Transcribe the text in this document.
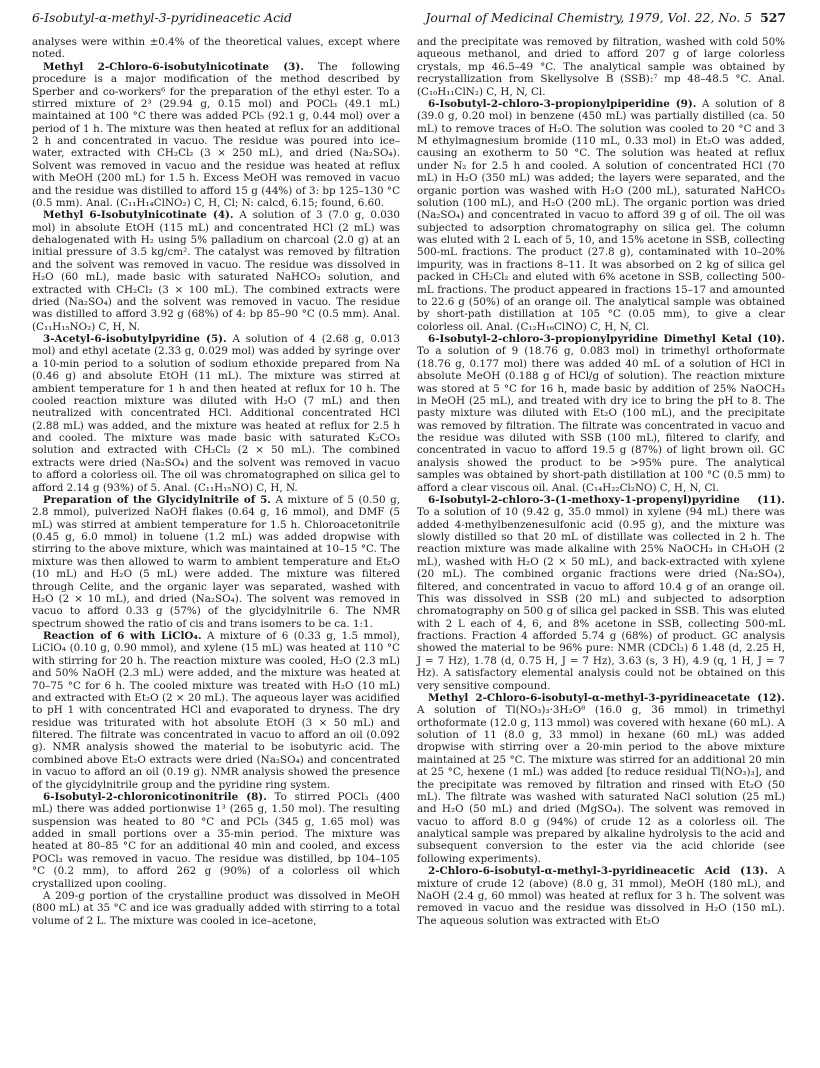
6-Isobutyl-α-methyl-3-pyridineacetic Acid	Journal of Medicinal Chemistry, 1979, Vol. 22, No. 5 527

analyses were within ±0.4% of the theoretical values, except where noted.

Methyl 2-Chloro-6-isobutylnicotinate (3). The following procedure is a major modification of the method described by Sperber and co-workers⁶ for the preparation of the ethyl ester. To a stirred mixture of 2³ (29.94 g, 0.15 mol) and POCl₃ (49.1 mL) maintained at 100 °C there was added PCl₅ (92.1 g, 0.44 mol) over a period of 1 h. The mixture was then heated at reflux for an additional 2 h and concentrated in vacuo. The residue was poured into ice–water, extracted with CH₂Cl₂ (3 × 250 mL), and dried (Na₂SO₄). Solvent was removed in vacuo and the residue was heated at reflux with MeOH (200 mL) for 1.5 h. Excess MeOH was removed in vacuo and the residue was distilled to afford 15 g (44%) of 3: bp 125–130 °C (0.5 mm). Anal. (C₁₁H₁₄ClNO₂) C, H, Cl; N: calcd, 6.15; found, 6.60.

Methyl 6-Isobutylnicotinate (4). A solution of 3 (7.0 g, 0.030 mol) in absolute EtOH (115 mL) and concentrated HCl (2 mL) was dehalogenated with H₂ using 5% palladium on charcoal (2.0 g) at an initial pressure of 3.5 kg/cm². The catalyst was removed by filtration and the solvent was removed in vacuo. The residue was dissolved in H₂O (60 mL), made basic with saturated NaHCO₃ solution, and extracted with CH₂Cl₂ (3 × 100 mL). The combined extracts were dried (Na₂SO₄) and the solvent was removed in vacuo. The residue was distilled to afford 3.92 g (68%) of 4: bp 85–90 °C (0.5 mm). Anal. (C₁₁H₁₅NO₂) C, H, N.

3-Acetyl-6-isobutylpyridine (5). A solution of 4 (2.68 g, 0.013 mol) and ethyl acetate (2.33 g, 0.029 mol) was added by syringe over a 10-min period to a solution of sodium ethoxide prepared from Na (0.46 g) and absolute EtOH (11 mL). The mixture was stirred at ambient temperature for 1 h and then heated at reflux for 10 h. The cooled reaction mixture was diluted with H₂O (7 mL) and then neutralized with concentrated HCl. Additional concentrated HCl (2.88 mL) was added, and the mixture was heated at reflux for 2.5 h and cooled. The mixture was made basic with saturated K₂CO₃ solution and extracted with CH₂Cl₂ (2 × 50 mL). The combined extracts were dried (Na₂SO₄) and the solvent was removed in vacuo to afford a colorless oil. The oil was chromatographed on silica gel to afford 2.14 g (93%) of 5. Anal. (C₁₁H₁₅NO) C, H, N.

Preparation of the Glycidylnitrile of 5. A mixture of 5 (0.50 g, 2.8 mmol), pulverized NaOH flakes (0.64 g, 16 mmol), and DMF (5 mL) was stirred at ambient temperature for 1.5 h. Chloroacetonitrile (0.45 g, 6.0 mmol) in toluene (1.2 mL) was added dropwise with stirring to the above mixture, which was maintained at 10–15 °C. The mixture was then allowed to warm to ambient temperature and Et₂O (10 mL) and H₂O (5 mL) were added. The mixture was filtered through Celite, and the organic layer was separated, washed with H₂O (2 × 10 mL), and dried (Na₂SO₄). The solvent was removed in vacuo to afford 0.33 g (57%) of the glycidylnitrile 6. The NMR spectrum showed the ratio of cis and trans isomers to be ca. 1:1.

Reaction of 6 with LiClO₄. A mixture of 6 (0.33 g, 1.5 mmol), LiClO₄ (0.10 g, 0.90 mmol), and xylene (15 mL) was heated at 110 °C with stirring for 20 h. The reaction mixture was cooled, H₂O (2.3 mL) and 50% NaOH (2.3 mL) were added, and the mixture was heated at 70–75 °C for 6 h. The cooled mixture was treated with H₂O (10 mL) and extracted with Et₂O (2 × 20 mL). The aqueous layer was acidified to pH 1 with concentrated HCl and evaporated to dryness. The dry residue was triturated with hot absolute EtOH (3 × 50 mL) and filtered. The filtrate was concentrated in vacuo to afford an oil (0.092 g). NMR analysis showed the material to be isobutyric acid. The combined above Et₂O extracts were dried (Na₂SO₄) and concentrated in vacuo to afford an oil (0.19 g). NMR analysis showed the presence of the glycidylnitrile group and the pyridine ring system.

6-Isobutyl-2-chloronicotinonitrile (8). To stirred POCl₃ (400 mL) there was added portionwise 1³ (265 g, 1.50 mol). The resulting suspension was heated to 80 °C and PCl₅ (345 g, 1.65 mol) was added in small portions over a 35-min period. The mixture was heated at 80–85 °C for an additional 40 min and cooled, and excess POCl₃ was removed in vacuo. The residue was distilled, bp 104–105 °C (0.2 mm), to afford 262 g (90%) of a colorless oil which crystallized upon cooling.

A 209-g portion of the crystalline product was dissolved in MeOH (800 mL) at 35 °C and ice was gradually added with stirring to a total volume of 2 L. The mixture was cooled in ice–acetone,

and the precipitate was removed by filtration, washed with cold 50% aqueous methanol, and dried to afford 207 g of large colorless crystals, mp 46.5–49 °C. The analytical sample was obtained by recrystallization from Skellysolve B (SSB):⁷ mp 48–48.5 °C. Anal. (C₁₀H₁₁ClN₂) C, H, N, Cl.

6-Isobutyl-2-chloro-3-propionylpiperidine (9). A solution of 8 (39.0 g, 0.20 mol) in benzene (450 mL) was partially distilled (ca. 50 mL) to remove traces of H₂O. The solution was cooled to 20 °C and 3 M ethylmagnesium bromide (110 mL, 0.33 mol) in Et₂O was added, causing an exotherm to 50 °C. The solution was heated at reflux under N₂ for 2.5 h and cooled. A solution of concentrated HCl (70 mL) in H₂O (350 mL) was added; the layers were separated, and the organic portion was washed with H₂O (200 mL), saturated NaHCO₃ solution (100 mL), and H₂O (200 mL). The organic portion was dried (Na₂SO₄) and concentrated in vacuo to afford 39 g of oil. The oil was subjected to adsorption chromatography on silica gel. The column was eluted with 2 L each of 5, 10, and 15% acetone in SSB, collecting 500-mL fractions. The product (27.8 g), contaminated with 10–20% impurity, was in fractions 8–11. It was absorbed on 2 kg of silica gel packed in CH₂Cl₂ and eluted with 6% acetone in SSB, collecting 500-mL fractions. The product appeared in fractions 15–17 and amounted to 22.6 g (50%) of an orange oil. The analytical sample was obtained by short-path distillation at 105 °C (0.05 mm), to give a clear colorless oil. Anal. (C₁₂H₁₆ClNO) C, H, N, Cl.

6-Isobutyl-2-chloro-3-propionylpyridine Dimethyl Ketal (10). To a solution of 9 (18.76 g, 0.083 mol) in trimethyl orthoformate (18.76 g, 0.177 mol) there was added 40 mL of a solution of HCl in absolute MeOH (0.188 g of HCl/g of solution). The reaction mixture was stored at 5 °C for 16 h, made basic by addition of 25% NaOCH₃ in MeOH (25 mL), and treated with dry ice to bring the pH to 8. The pasty mixture was diluted with Et₂O (100 mL), and the precipitate was removed by filtration. The filtrate was concentrated in vacuo and the residue was diluted with SSB (100 mL), filtered to clarify, and concentrated in vacuo to afford 19.5 g (87%) of light brown oil. GC analysis showed the product to be >95% pure. The analytical samples was obtained by short-path distillation at 100 °C (0.5 mm) to afford a clear viscous oil. Anal. (C₁₄H₂₂Cl₂NO) C, H, N, Cl.

6-Isobutyl-2-chloro-3-(1-methoxy-1-propenyl)pyridine (11). To a solution of 10 (9.42 g, 35.0 mmol) in xylene (94 mL) there was added 4-methylbenzenesulfonic acid (0.95 g), and the mixture was slowly distilled so that 20 mL of distillate was collected in 2 h. The reaction mixture was made alkaline with 25% NaOCH₃ in CH₃OH (2 mL), washed with H₂O (2 × 50 mL), and back-extracted with xylene (20 mL). The combined organic fractions were dried (Na₂SO₄), filtered, and concentrated in vacuo to afford 10.4 g of an orange oil. This was dissolved in SSB (20 mL) and subjected to adsorption chromatography on 500 g of silica gel packed in SSB. This was eluted with 2 L each of 4, 6, and 8% acetone in SSB, collecting 500-mL fractions. Fraction 4 afforded 5.74 g (68%) of product. GC analysis showed the material to be 96% pure: NMR (CDCl₃) δ 1.48 (d, 2.25 H, J = 7 Hz), 1.78 (d, 0.75 H, J = 7 Hz), 3.63 (s, 3 H), 4.9 (q, 1 H, J = 7 Hz). A satisfactory elemental analysis could not be obtained on this very sensitive compound.

Methyl 2-Chloro-6-isobutyl-α-methyl-3-pyridineacetate (12). A solution of Tl(NO₃)₃·3H₂O⁸ (16.0 g, 36 mmol) in trimethyl orthoformate (12.0 g, 113 mmol) was covered with hexane (60 mL). A solution of 11 (8.0 g, 33 mmol) in hexane (60 mL) was added dropwise with stirring over a 20-min period to the above mixture maintained at 25 °C. The mixture was stirred for an additional 20 min at 25 °C, hexene (1 mL) was added [to reduce residual Tl(NO₃)₃], and the precipitate was removed by filtration and rinsed with Et₂O (50 mL). The filtrate was washed with saturated NaCl solution (25 mL) and H₂O (50 mL) and dried (MgSO₄). The solvent was removed in vacuo to afford 8.0 g (94%) of crude 12 as a colorless oil. The analytical sample was prepared by alkaline hydrolysis to the acid and subsequent conversion to the ester via the acid chloride (see following experiments).

2-Chloro-6-isobutyl-α-methyl-3-pyridineacetic Acid (13). A mixture of crude 12 (above) (8.0 g, 31 mmol), MeOH (180 mL), and NaOH (2.4 g, 60 mmol) was heated at reflux for 3 h. The solvent was removed in vacuo and the residue was dissolved in H₂O (150 mL). The aqueous solution was extracted with Et₂O
